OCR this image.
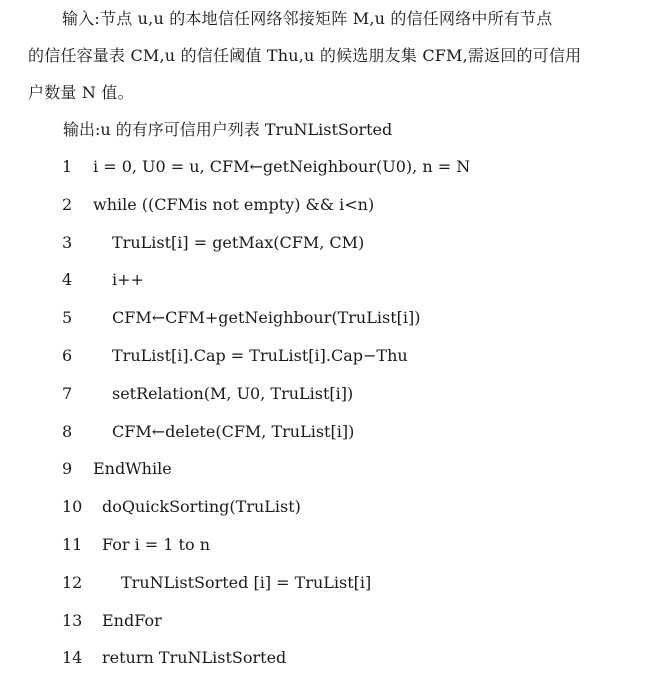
输入:节点 u,u 的本地信任网络邻接矩阵 M,u 的信任网络中所有节点
的信任容量表 CM,u 的信任阈值 Thu,u 的候选朋友集 CFM,需返回的可信用
户数量 N 值。
输出:u 的有序可信用户列表 TruNListSorted
1	i = 0, U0 = u, CFM←getNeighbour(U0), n = N
2	while ((CFMis not empty) && i<n)
3	TruList[i] = getMax(CFM, CM)
4	i++
5	CFM←CFM+getNeighbour(TruList[i])
6	TruList[i].Cap = TruList[i].Cap−Thu
7	setRelation(M, U0, TruList[i])
8	CFM←delete(CFM, TruList[i])
9	EndWhile
10 doQuickSorting(TruList)
11 For i = 1 to n
12 TruNListSorted [i] = TruList[i]
13 EndFor
14 return TruNListSorted
